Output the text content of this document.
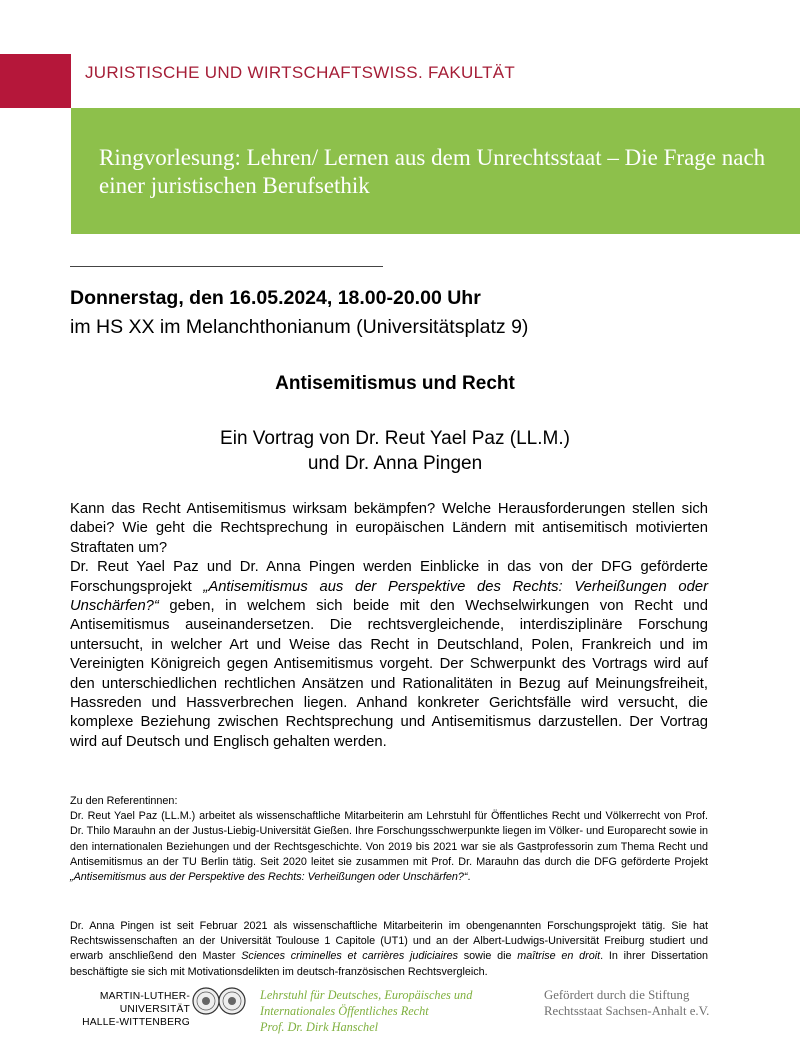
JURISTISCHE UND WIRTSCHAFTSWISS. FAKULTÄT
Ringvorlesung: Lehren/ Lernen aus dem Unrechtsstaat – Die Frage nach einer juristischen Berufsethik
Donnerstag, den 16.05.2024, 18.00-20.00 Uhr
im HS XX im Melanchthonianum (Universitätsplatz 9)
Antisemitismus und Recht
Ein Vortrag von Dr. Reut Yael Paz (LL.M.)
und Dr. Anna Pingen

Kann das Recht Antisemitismus wirksam bekämpfen? Welche Herausforderungen stellen sich dabei? Wie geht die Rechtsprechung in europäischen Ländern mit antisemitisch motivierten Straftaten um?

Dr. Reut Yael Paz und Dr. Anna Pingen werden Einblicke in das von der DFG geförderte Forschungsprojekt „Antisemitismus aus der Perspektive des Rechts: Verheißungen oder Unschärfen?“ geben, in welchem sich beide mit den Wechselwirkungen von Recht und Antisemitismus auseinandersetzen. Die rechtsvergleichende, interdisziplinäre Forschung untersucht, in welcher Art und Weise das Recht in Deutschland, Polen, Frankreich und im Vereinigten Königreich gegen Antisemitismus vorgeht. Der Schwerpunkt des Vortrags wird auf den unterschiedlichen rechtlichen Ansätzen und Rationalitäten in Bezug auf Meinungsfreiheit, Hassreden und Hassverbrechen liegen. Anhand konkreter Gerichtsfälle wird versucht, die komplexe Beziehung zwischen Rechtsprechung und Antisemitismus darzustellen. Der Vortrag wird auf Deutsch und Englisch gehalten werden.

Zu den Referentinnen:

Dr. Reut Yael Paz (LL.M.) arbeitet als wissenschaftliche Mitarbeiterin am Lehrstuhl für Öffentliches Recht und Völkerrecht von Prof. Dr. Thilo Marauhn an der Justus-Liebig-Universität Gießen. Ihre Forschungsschwerpunkte liegen im Völker- und Europarecht sowie in den internationalen Beziehungen und der Rechtsgeschichte. Von 2019 bis 2021 war sie als Gastprofessorin zum Thema Recht und Antisemitismus an der TU Berlin tätig. Seit 2020 leitet sie zusammen mit Prof. Dr. Marauhn das durch die DFG geförderte Projekt „Antisemitismus aus der Perspektive des Rechts: Verheißungen oder Unschärfen?“.

Dr. Anna Pingen ist seit Februar 2021 als wissenschaftliche Mitarbeiterin im obengenannten Forschungsprojekt tätig. Sie hat Rechtswissenschaften an der Universität Toulouse 1 Capitole (UT1) und an der Albert-Ludwigs-Universität Freiburg studiert und erwarb anschließend den Master Sciences criminelles et carrières judiciaires sowie die maîtrise en droit. In ihrer Dissertation beschäftigte sie sich mit Motivationsdelikten im deutsch-französischen Rechtsvergleich.

MARTIN-LUTHER-UNIVERSITÄT
HALLE-WITTENBERG
Lehrstuhl für Deutsches, Europäisches und
Internationales Öffentliches Recht
Prof. Dr. Dirk Hanschel
Gefördert durch die Stiftung
Rechtsstaat Sachsen-Anhalt e.V.
